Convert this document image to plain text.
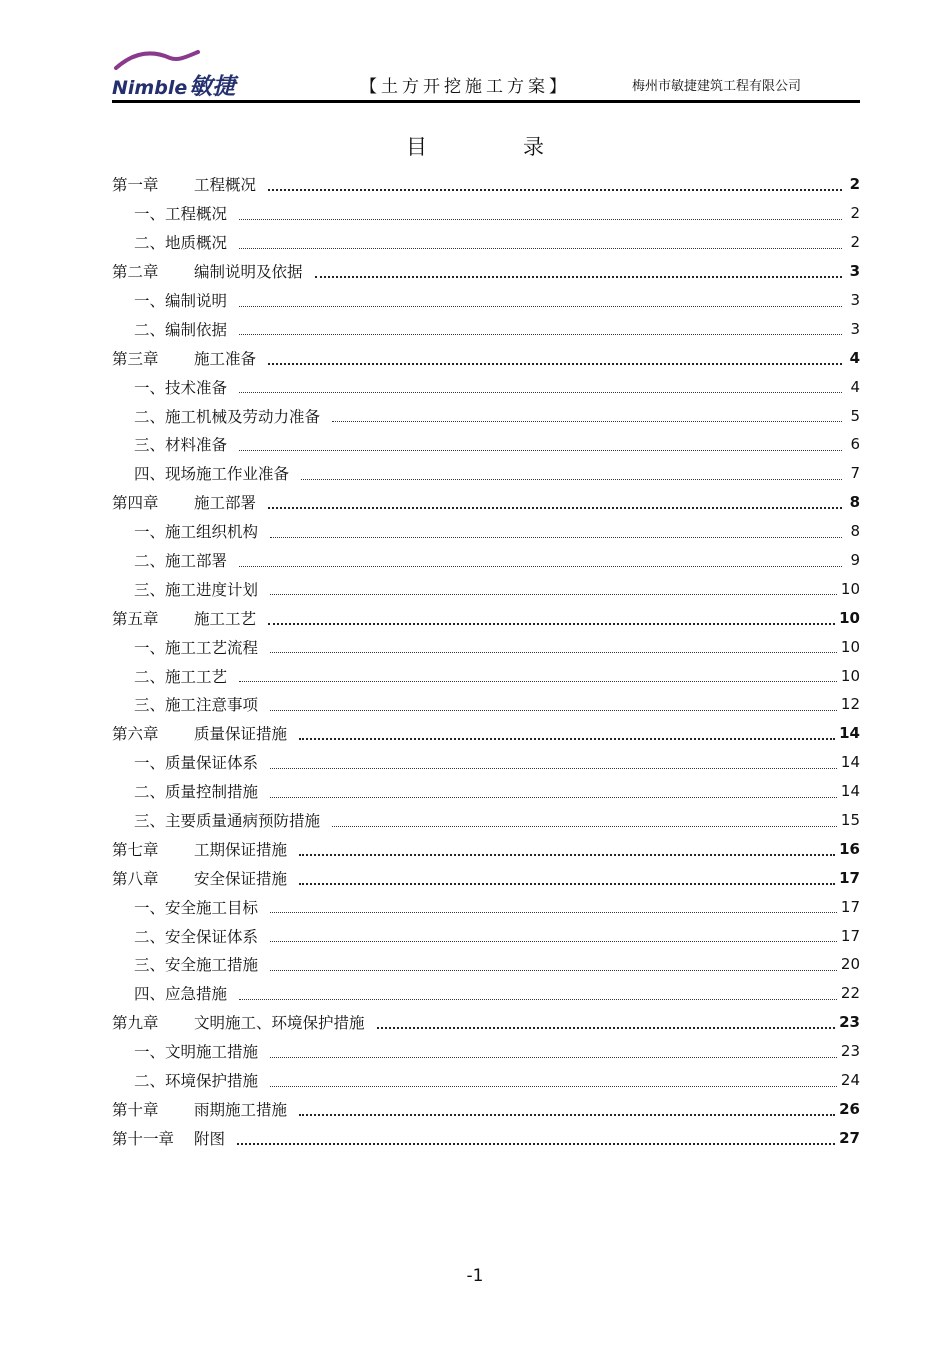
Nimble敏捷	【土方开挖施工方案】	梅州市敏捷建筑工程有限公司
目	录
第一章 工程概况	2
一、工程概况	2
二、地质概况	2
第二章 编制说明及依据	3
一、编制说明	3
二、编制依据	3
第三章 施工准备	4
一、技术准备	4
二、施工机械及劳动力准备	5
三、材料准备	6
四、现场施工作业准备	7
第四章 施工部署	8
一、施工组织机构	8
二、施工部署	9
三、施工进度计划	10
第五章 施工工艺	10
一、施工工艺流程	10
二、施工工艺	10
三、施工注意事项	12
第六章 质量保证措施	14
一、质量保证体系	14
二、质量控制措施	14
三、主要质量通病预防措施	15
第七章 工期保证措施	16
第八章 安全保证措施	17
一、安全施工目标	17
二、安全保证体系	17
三、安全施工措施	20
四、应急措施	22
第九章 文明施工、环境保护措施	23
一、文明施工措施	23
二、环境保护措施	24
第十章 雨期施工措施	26
第十一章 附图	27
-1
